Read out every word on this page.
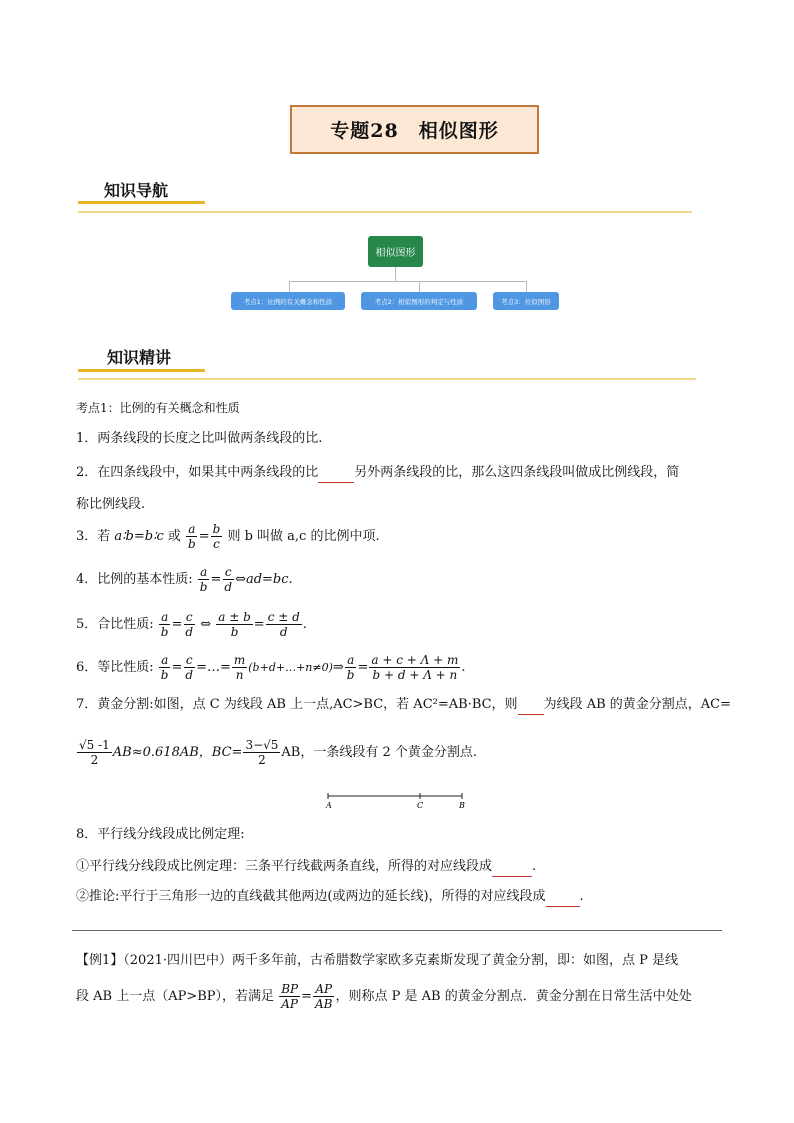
专题28　相似图形
知识导航
相似图形
考点1：比例的有关概念和性质	考点2：相似图形的判定与性质	考点3：位似图形
知识精讲
考点1：比例的有关概念和性质
1．两条线段的长度之比叫做两条线段的比.
2．在四条线段中，如果其中两条线段的比	另外两条线段的比，那么这四条线段叫做成比例线段，简
称比例线段.
3．若 a∶b=b∶c 或 $\frac{a}{b} = \frac{b}{c}$ 则 b 叫做 a,c 的比例中项.
4．比例的基本性质: $\frac{a}{b} = \frac{c}{d}$ ⇔ad=bc.
5．合比性质: $\frac{a}{b} = \frac{c}{d}$ ⇔ $\frac{a \pm b}{b} = \frac{c \pm d}{d}$ .
6．等比性质: $\frac{a}{b} = \frac{c}{d}$ =…= $\frac{m}{n}$ (b+d+…+n≠0)⇒ $\frac{a}{b} = \frac{a + c + \Lambda + m}{b + d + \Lambda + n}$ .
7．黄金分割:如图，点 C 为线段 AB 上一点,AC>BC，若 AC²=AB·BC，则 为线段 AB 的黄金分割点，AC=
$\frac{√5 -1}{2} AB\approx 0.618AB$，$BC= \frac{3-√5}{2}$ AB，一条线段有 2 个黄金分割点.
A	C	B
8．平行线分线段成比例定理:
①平行线分线段成比例定理：三条平行线截两条直线，所得的对应线段成	.
②推论:平行于三角形一边的直线截其他两边(或两边的延长线)，所得的对应线段成	.
【例1】（2021·四川巴中）两千多年前，古希腊数学家欧多克素斯发现了黄金分割，即：如图，点 P 是线
段 AB 上一点（AP>BP），若满足 $\frac{BP}{AP} = \frac{AP}{AB}$ ，则称点 P 是 AB 的黄金分割点．黄金分割在日常生活中处处
